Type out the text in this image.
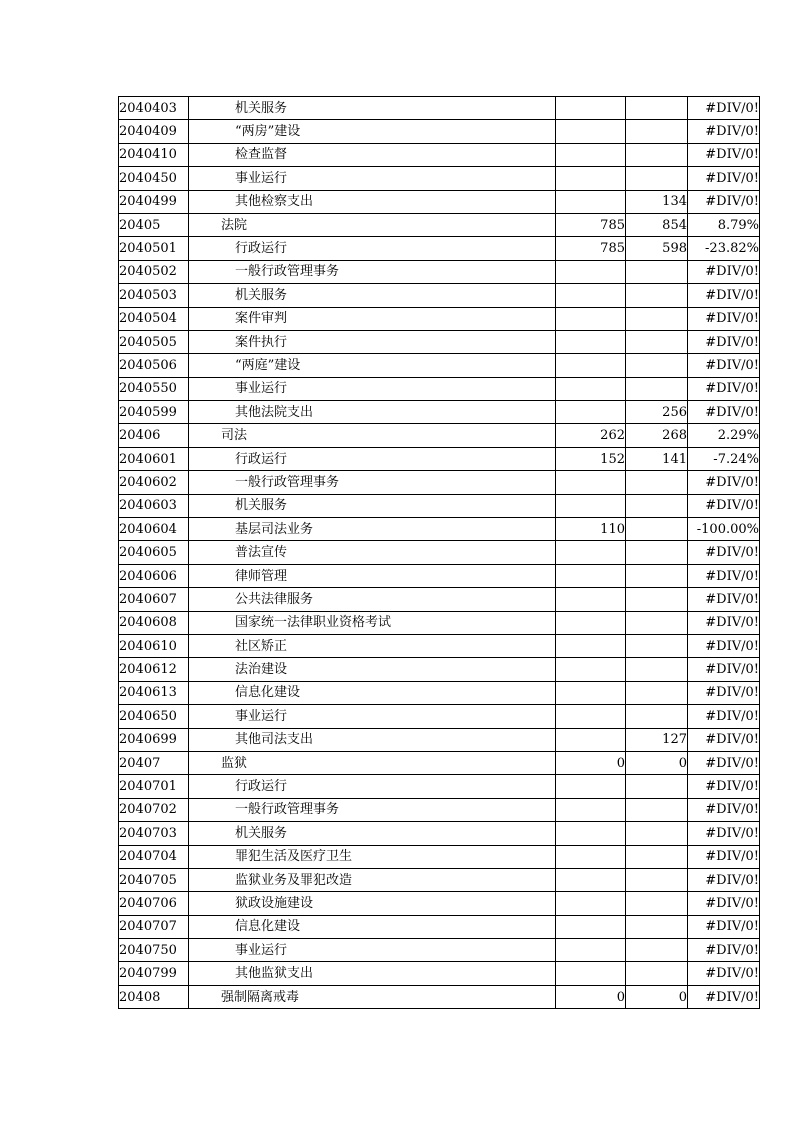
2040403	机关服务			#DIV/0!
2040409	“两房”建设			#DIV/0!
2040410	检查监督			#DIV/0!
2040450	事业运行			#DIV/0!
2040499	其他检察支出		134	#DIV/0!
20405	法院	785	854	8.79%
2040501	行政运行	785	598	-23.82%
2040502	一般行政管理事务			#DIV/0!
2040503	机关服务			#DIV/0!
2040504	案件审判			#DIV/0!
2040505	案件执行			#DIV/0!
2040506	“两庭”建设			#DIV/0!
2040550	事业运行			#DIV/0!
2040599	其他法院支出		256	#DIV/0!
20406	司法	262	268	2.29%
2040601	行政运行	152	141	-7.24%
2040602	一般行政管理事务			#DIV/0!
2040603	机关服务			#DIV/0!
2040604	基层司法业务	110		-100.00%
2040605	普法宣传			#DIV/0!
2040606	律师管理			#DIV/0!
2040607	公共法律服务			#DIV/0!
2040608	国家统一法律职业资格考试			#DIV/0!
2040610	社区矫正			#DIV/0!
2040612	法治建设			#DIV/0!
2040613	信息化建设			#DIV/0!
2040650	事业运行			#DIV/0!
2040699	其他司法支出		127	#DIV/0!
20407	监狱	0	0	#DIV/0!
2040701	行政运行			#DIV/0!
2040702	一般行政管理事务			#DIV/0!
2040703	机关服务			#DIV/0!
2040704	罪犯生活及医疗卫生			#DIV/0!
2040705	监狱业务及罪犯改造			#DIV/0!
2040706	狱政设施建设			#DIV/0!
2040707	信息化建设			#DIV/0!
2040750	事业运行			#DIV/0!
2040799	其他监狱支出			#DIV/0!
20408	强制隔离戒毒	0	0	#DIV/0!
